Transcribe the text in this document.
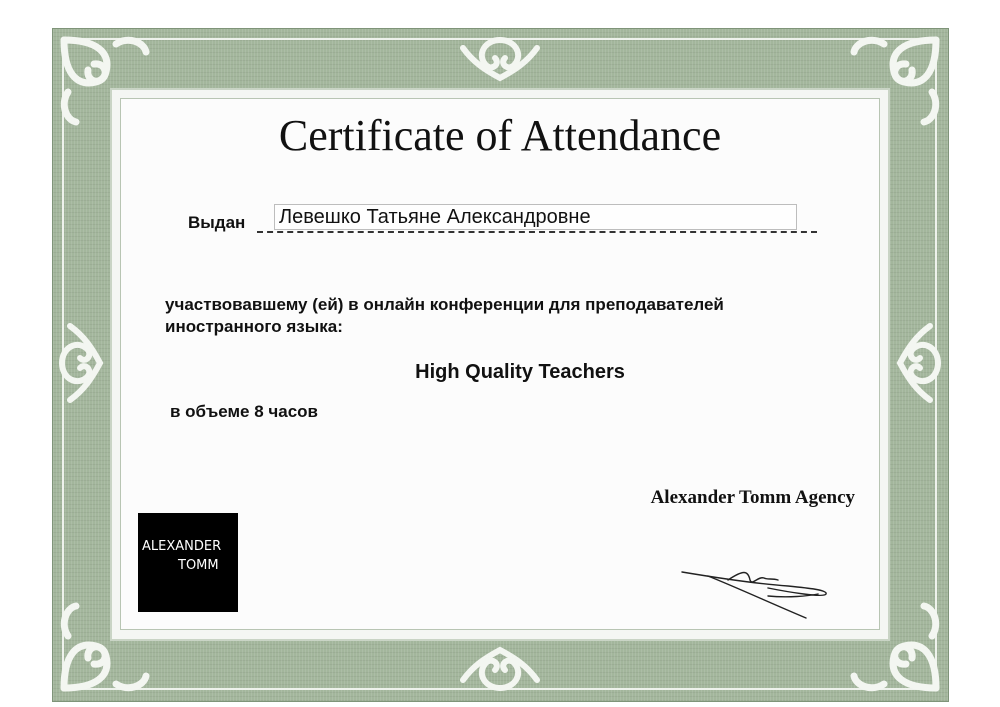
Certificate of Attendance
Выдан Левешко Татьяне Александровне
участвовавшему (ей) в онлайн конференции для преподавателей
иностранного языка:
High Quality Teachers
в объеме 8 часов
Alexander Tomm Agency
ALEXANDER
TOMM
